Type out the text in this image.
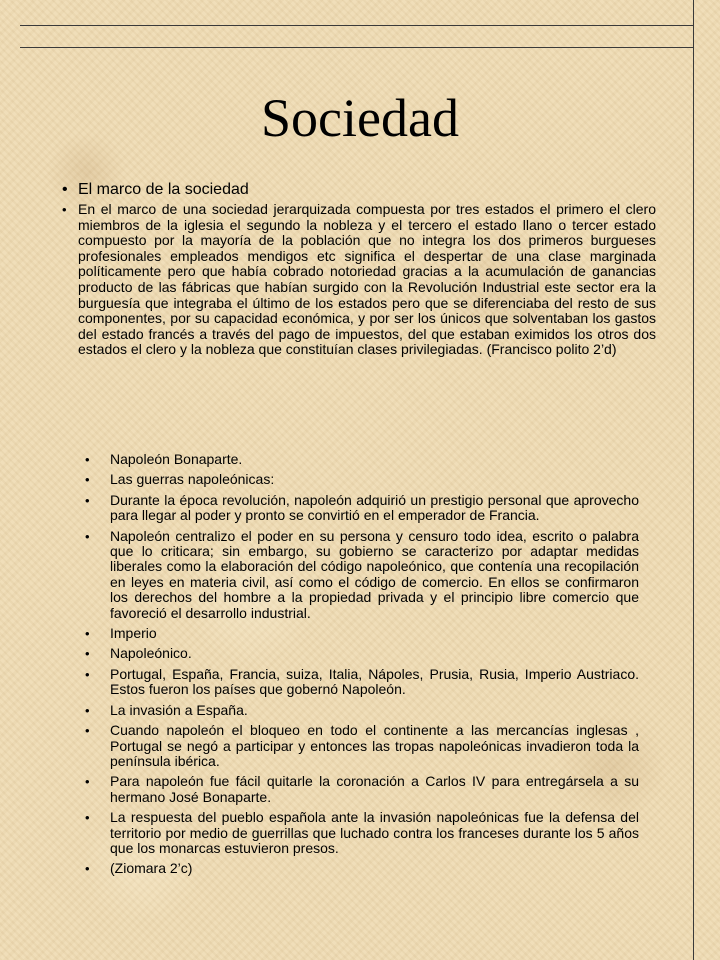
Sociedad
• El marco de la sociedad
• En el marco de una sociedad jerarquizada compuesta por tres estados el primero el clero miembros de la iglesia el segundo la nobleza y el tercero el estado llano o tercer estado compuesto por la mayoría de la población que no integra los dos primeros burgueses profesionales empleados mendigos etc significa el despertar de una clase marginada políticamente pero que había cobrado notoriedad gracias a la acumulación de ganancias producto de las fábricas que habían surgido con la Revolución Industrial este sector era la burguesía que integraba el último de los estados pero que se diferenciaba del resto de sus componentes, por su capacidad económica, y por ser los únicos que solventaban los gastos del estado francés a través del pago de impuestos, del que estaban eximidos los otros dos estados el clero y la nobleza que constituían clases privilegiadas. (Francisco polito 2’d)
•	Napoleón Bonaparte.
•	Las guerras napoleónicas:
•	Durante la época revolución, napoleón adquirió un prestigio personal que aprovecho para llegar al poder y pronto se convirtió en el emperador de Francia.
•	Napoleón centralizo el poder en su persona y censuro todo idea, escrito o palabra que lo criticara; sin embargo, su gobierno se caracterizo por adaptar medidas liberales como la elaboración del código napoleónico, que contenía una recopilación en leyes en materia civil, así como el código de comercio. En ellos se confirmaron los derechos del hombre a la propiedad privada y el principio libre comercio que favoreció el desarrollo industrial.
•	Imperio
•	Napoleónico.
•	Portugal, España, Francia, suiza, Italia, Nápoles, Prusia, Rusia, Imperio Austriaco. Estos fueron los países que gobernó Napoleón.
•	La invasión a España.
•	Cuando napoleón el bloqueo en todo el continente a las mercancías inglesas , Portugal se negó a participar y entonces las tropas napoleónicas invadieron toda la península ibérica.
•	Para napoleón fue fácil quitarle la coronación a Carlos IV para entregársela a su hermano José Bonaparte.
•	La respuesta del pueblo española ante la invasión napoleónicas fue la defensa del territorio por medio de guerrillas que luchado contra los franceses durante los 5 años que los monarcas estuvieron presos.
•	(Ziomara 2’c)
